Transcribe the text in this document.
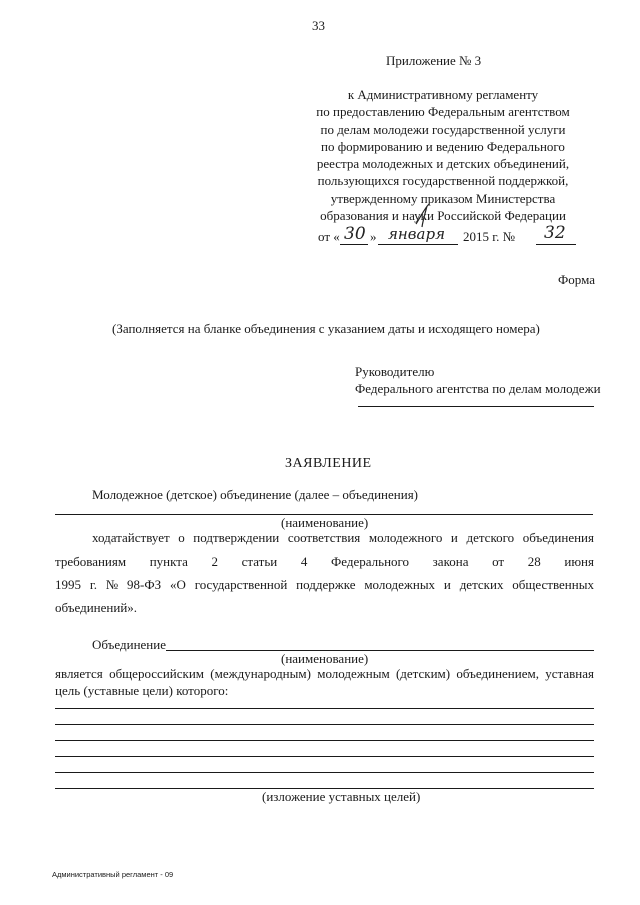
33
Приложение № 3
к Административному регламенту
по предоставлению Федеральным агентством
по делам молодежи государственной услуги
по формированию и ведению Федерального
реестра молодежных и детских объединений,
пользующихся государственной поддержкой,
утвержденному приказом Министерства
образования и науки Российской Федерации
от « 30 » января 2015 г. № 32
Форма
(Заполняется на бланке объединения с указанием даты и исходящего номера)
Руководителю
Федерального агентства по делам молодежи
ЗАЯВЛЕНИЕ
Молодежное (детское) объединение (далее – объединения)
(наименование)
ходатайствует о подтверждении соответствия молодежного и детского объединения
требованиям пункта 2 статьи 4 Федерального закона от 28 июня
1995 г. № 98-ФЗ «О государственной поддержке молодежных и детских общественных
объединений».
Объединение
(наименование)
является общероссийским (международным) молодежным (детским) объединением, уставная
цель (уставные цели) которого:
(изложение уставных целей)
Административный регламент - 09
